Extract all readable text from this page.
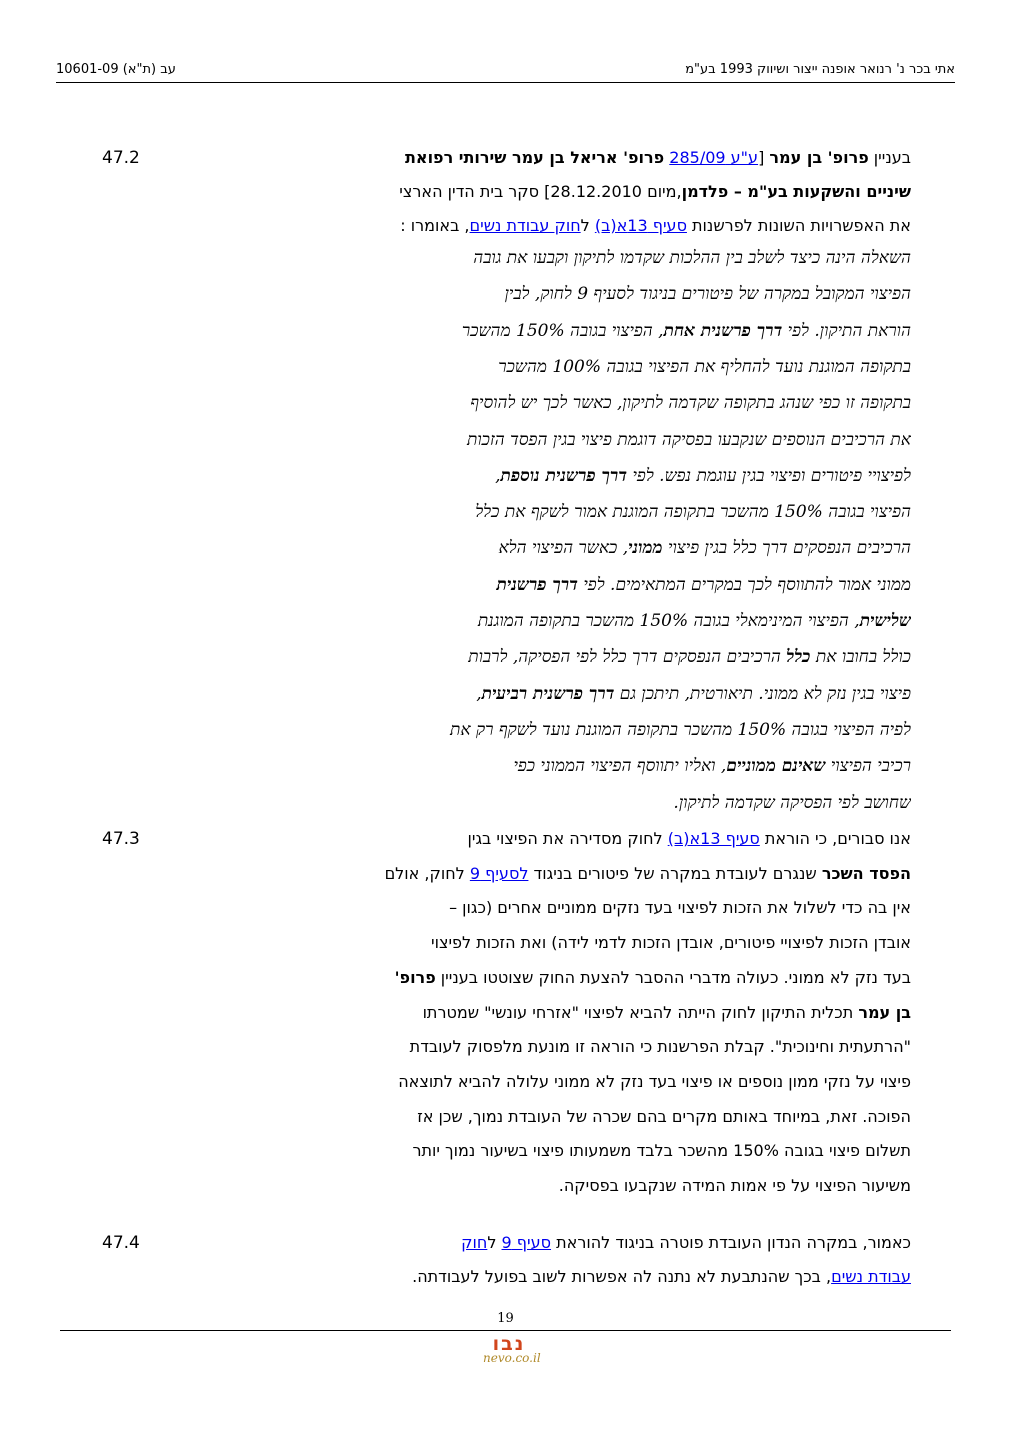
עב (ת"א) 10601-09	אתי בכר נ' רנואר אופנה ייצור ושיווק 1993 בע"מ
47.2	בעניין פרופ' בן עמר [ע"ע 285/09 פרופ' אריאל בן עמר שירותי רפואת
שיניים והשקעות בע"מ – פלדמן,מיום 28.12.2010] סקר בית הדין הארצי
את האפשרויות השונות לפרשנות סעיף 13א(ב) לחוק עבודת נשים, באומרו :
השאלה הינה כיצד לשלב בין ההלכות שקדמו לתיקון וקבעו את גובה
הפיצוי המקובל במקרה של פיטורים בניגוד לסעיף 9 לחוק, לבין
הוראת התיקון. לפי דרך פרשנית אחת, הפיצוי בגובה 150% מהשכר
בתקופה המוגנת נועד להחליף את הפיצוי בגובה 100% מהשכר
בתקופה זו כפי שנהג בתקופה שקדמה לתיקון, כאשר לכך יש להוסיף
את הרכיבים הנוספים שנקבעו בפסיקה דוגמת פיצוי בגין הפסד הזכות
לפיצויי פיטורים ופיצוי בגין עוגמת נפש. לפי דרך פרשנית נוספת,
הפיצוי בגובה 150% מהשכר בתקופה המוגנת אמור לשקף את כלל
הרכיבים הנפסקים דרך כלל בגין פיצוי ממוני, כאשר הפיצוי הלא
ממוני אמור להתווסף לכך במקרים המתאימים. לפי דרך פרשנית
שלישית, הפיצוי המינימאלי בגובה 150% מהשכר בתקופה המוגנת
כולל בחובו את כלל הרכיבים הנפסקים דרך כלל לפי הפסיקה, לרבות
פיצוי בגין נזק לא ממוני. תיאורטית, תיתכן גם דרך פרשנית רביעית,
לפיה הפיצוי בגובה 150% מהשכר בתקופה המוגנת נועד לשקף רק את
רכיבי הפיצוי שאינם ממוניים, ואליו יתווסף הפיצוי הממוני כפי
שחושב לפי הפסיקה שקדמה לתיקון.
47.3	אנו סבורים, כי הוראת סעיף 13א(ב) לחוק מסדירה את הפיצוי בגין
הפסד השכר שנגרם לעובדת במקרה של פיטורים בניגוד לסעיף 9 לחוק, אולם
אין בה כדי לשלול את הזכות לפיצוי בעד נזקים ממוניים אחרים (כגון –
אובדן הזכות לפיצויי פיטורים, אובדן הזכות לדמי לידה) ואת הזכות לפיצוי
בעד נזק לא ממוני. כעולה מדברי ההסבר להצעת החוק שצוטטו בעניין פרופ'
בן עמר תכלית התיקון לחוק הייתה להביא לפיצוי "אזרחי עונשי" שמטרתו
"הרתעתית וחינוכית". קבלת הפרשנות כי הוראה זו מונעת מלפסוק לעובדת
פיצוי על נזקי ממון נוספים או פיצוי בעד נזק לא ממוני עלולה להביא לתוצאה
הפוכה. זאת, במיוחד באותם מקרים בהם שכרה של העובדת נמוך, שכן אז
תשלום פיצוי בגובה 150% מהשכר בלבד משמעותו פיצוי בשיעור נמוך יותר
משיעור הפיצוי על פי אמות המידה שנקבעו בפסיקה.
47.4	כאמור, במקרה הנדון העובדת פוטרה בניגוד להוראת סעיף 9 לחוק
עבודת נשים, בכך שהנתבעת לא נתנה לה אפשרות לשוב בפועל לעבודתה.
19
נבו
nevo.co.il
